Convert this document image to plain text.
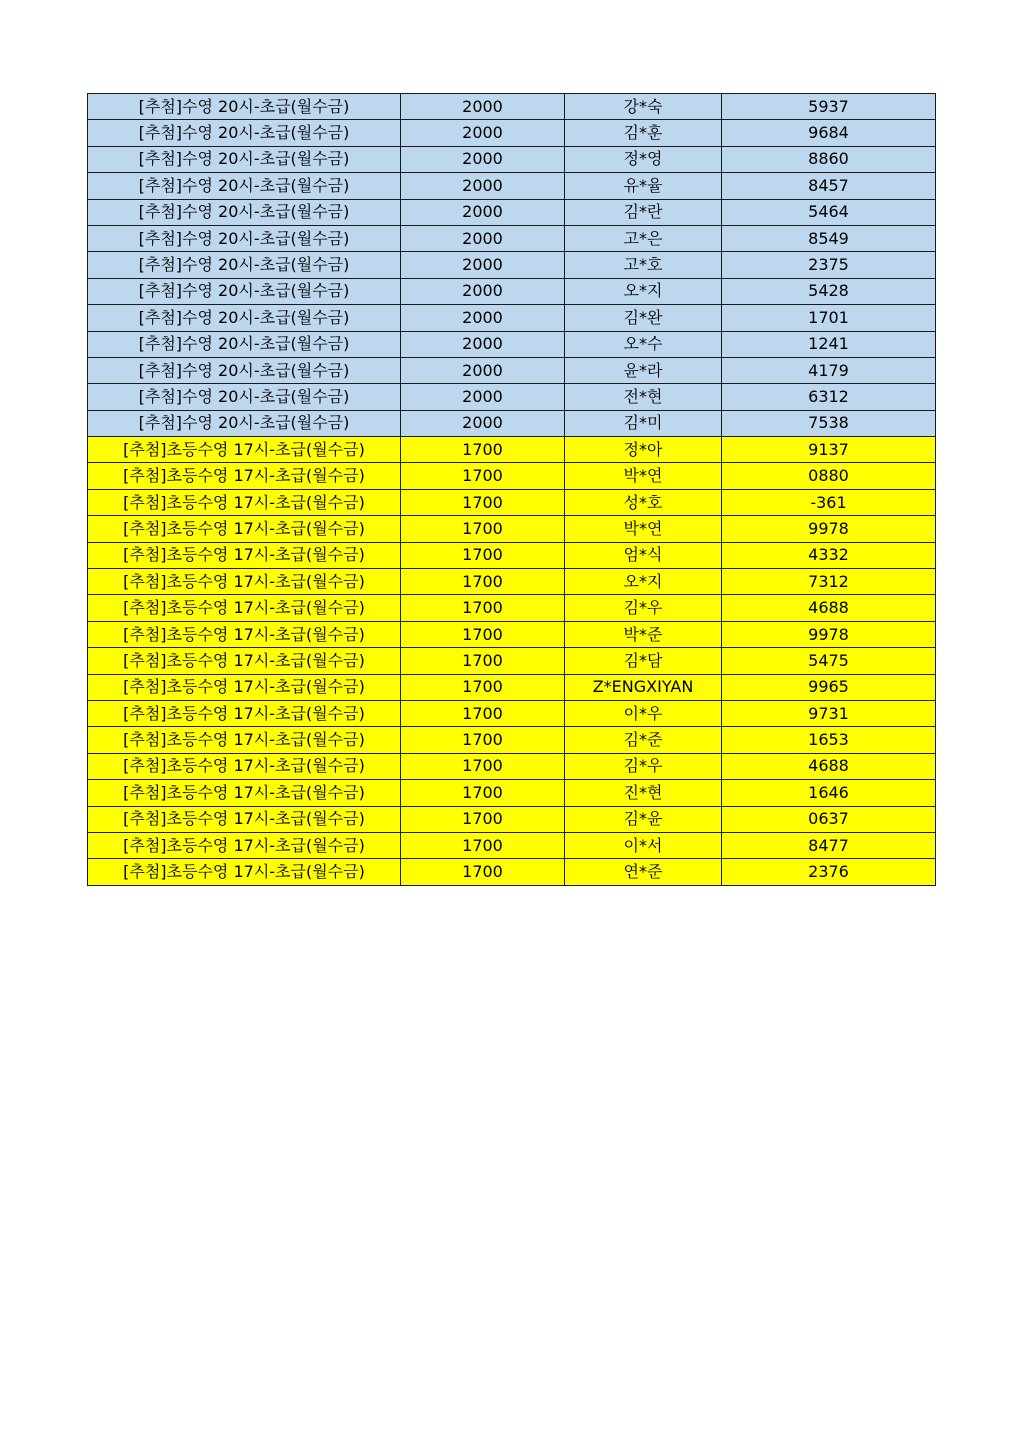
[추첨]수영 20시-초급(월수금)	2000	강*숙	5937
[추첨]수영 20시-초급(월수금)	2000	김*훈	9684
[추첨]수영 20시-초급(월수금)	2000	정*영	8860
[추첨]수영 20시-초급(월수금)	2000	유*율	8457
[추첨]수영 20시-초급(월수금)	2000	김*란	5464
[추첨]수영 20시-초급(월수금)	2000	고*은	8549
[추첨]수영 20시-초급(월수금)	2000	고*호	2375
[추첨]수영 20시-초급(월수금)	2000	오*지	5428
[추첨]수영 20시-초급(월수금)	2000	김*완	1701
[추첨]수영 20시-초급(월수금)	2000	오*수	1241
[추첨]수영 20시-초급(월수금)	2000	윤*라	4179
[추첨]수영 20시-초급(월수금)	2000	전*현	6312
[추첨]수영 20시-초급(월수금)	2000	김*미	7538
[추첨]초등수영 17시-초급(월수금)	1700	정*아	9137
[추첨]초등수영 17시-초급(월수금)	1700	박*연	0880
[추첨]초등수영 17시-초급(월수금)	1700	성*호	-361
[추첨]초등수영 17시-초급(월수금)	1700	박*연	9978
[추첨]초등수영 17시-초급(월수금)	1700	엄*식	4332
[추첨]초등수영 17시-초급(월수금)	1700	오*지	7312
[추첨]초등수영 17시-초급(월수금)	1700	김*우	4688
[추첨]초등수영 17시-초급(월수금)	1700	박*준	9978
[추첨]초등수영 17시-초급(월수금)	1700	김*담	5475
[추첨]초등수영 17시-초급(월수금)	1700	Z*ENGXIYAN	9965
[추첨]초등수영 17시-초급(월수금)	1700	이*우	9731
[추첨]초등수영 17시-초급(월수금)	1700	김*준	1653
[추첨]초등수영 17시-초급(월수금)	1700	김*우	4688
[추첨]초등수영 17시-초급(월수금)	1700	진*현	1646
[추첨]초등수영 17시-초급(월수금)	1700	김*윤	0637
[추첨]초등수영 17시-초급(월수금)	1700	이*서	8477
[추첨]초등수영 17시-초급(월수금)	1700	연*준	2376
